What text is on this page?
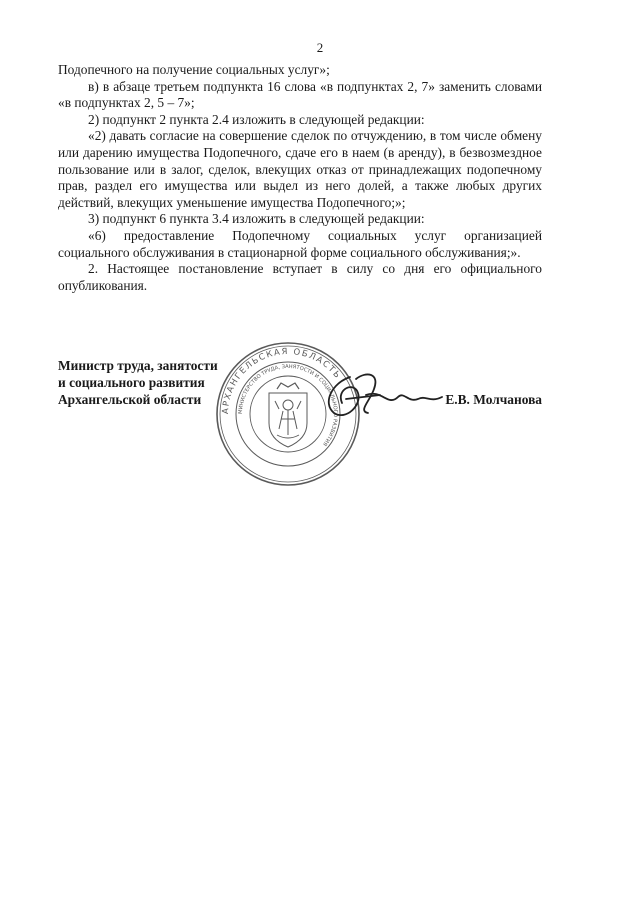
2

Подопечного на получение социальных услуг»;

в) в абзаце третьем подпункта 16 слова «в подпунктах 2, 7» заменить словами «в подпунктах 2, 5 – 7»;

2) подпункт 2 пункта 2.4 изложить в следующей редакции:

«2) давать согласие на совершение сделок по отчуждению, в том числе обмену или дарению имущества Подопечного, сдаче его в наем (в аренду), в безвозмездное пользование или в залог, сделок, влекущих отказ от принадлежащих подопечному прав, раздел его имущества или выдел из него долей, а также любых других действий, влекущих уменьшение имущества Подопечного;»;

3) подпункт 6 пункта 3.4 изложить в следующей редакции:

«6) предоставление Подопечному социальных услуг организацией социального обслуживания в стационарной форме социального обслуживания;».

2. Настоящее постановление вступает в силу со дня его официального опубликования.

Министр труда, занятости
и социального развития
Архангельской области
АРХАНГЕЛЬСКАЯ ОБЛАСТЬ
МИНИСТЕРСТВО ТРУДА, ЗАНЯТОСТИ И СОЦИАЛЬНОГО РАЗВИТИЯ
Е.В. Молчанова
